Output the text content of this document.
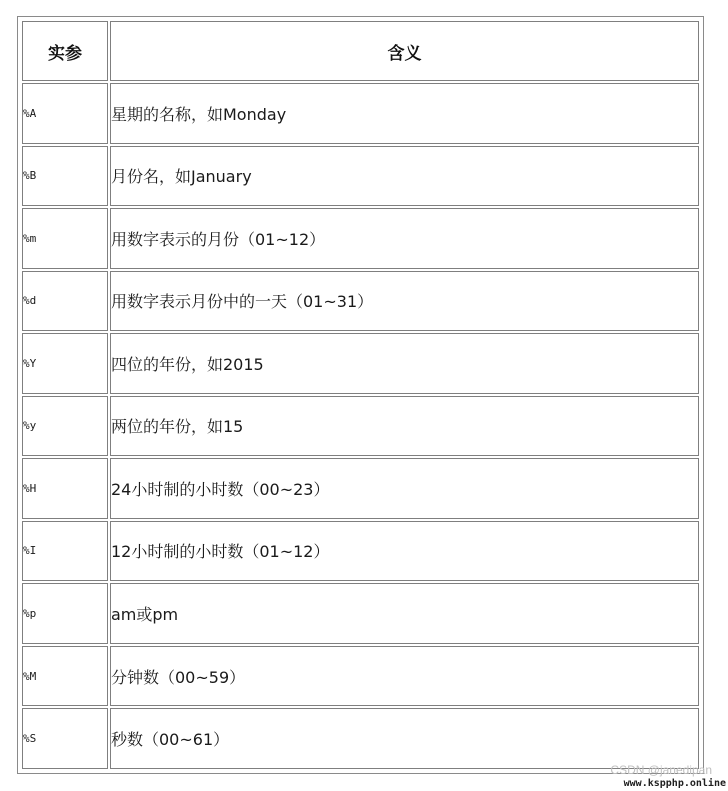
实参	含义
%A	星期的名称，如Monday
%B	月份名，如January
%m	用数字表示的月份（01~12）
%d	用数字表示月份中的一天（01~31）
%Y	四位的年份，如2015
%y	两位的年份，如15
%H	24小时制的小时数（00~23）
%I	12小时制的小时数（01~12）
%p	am或pm
%M	分钟数（00~59）
%S	秒数（00~61）
CSDN @janedipan
www.kspphp.online
